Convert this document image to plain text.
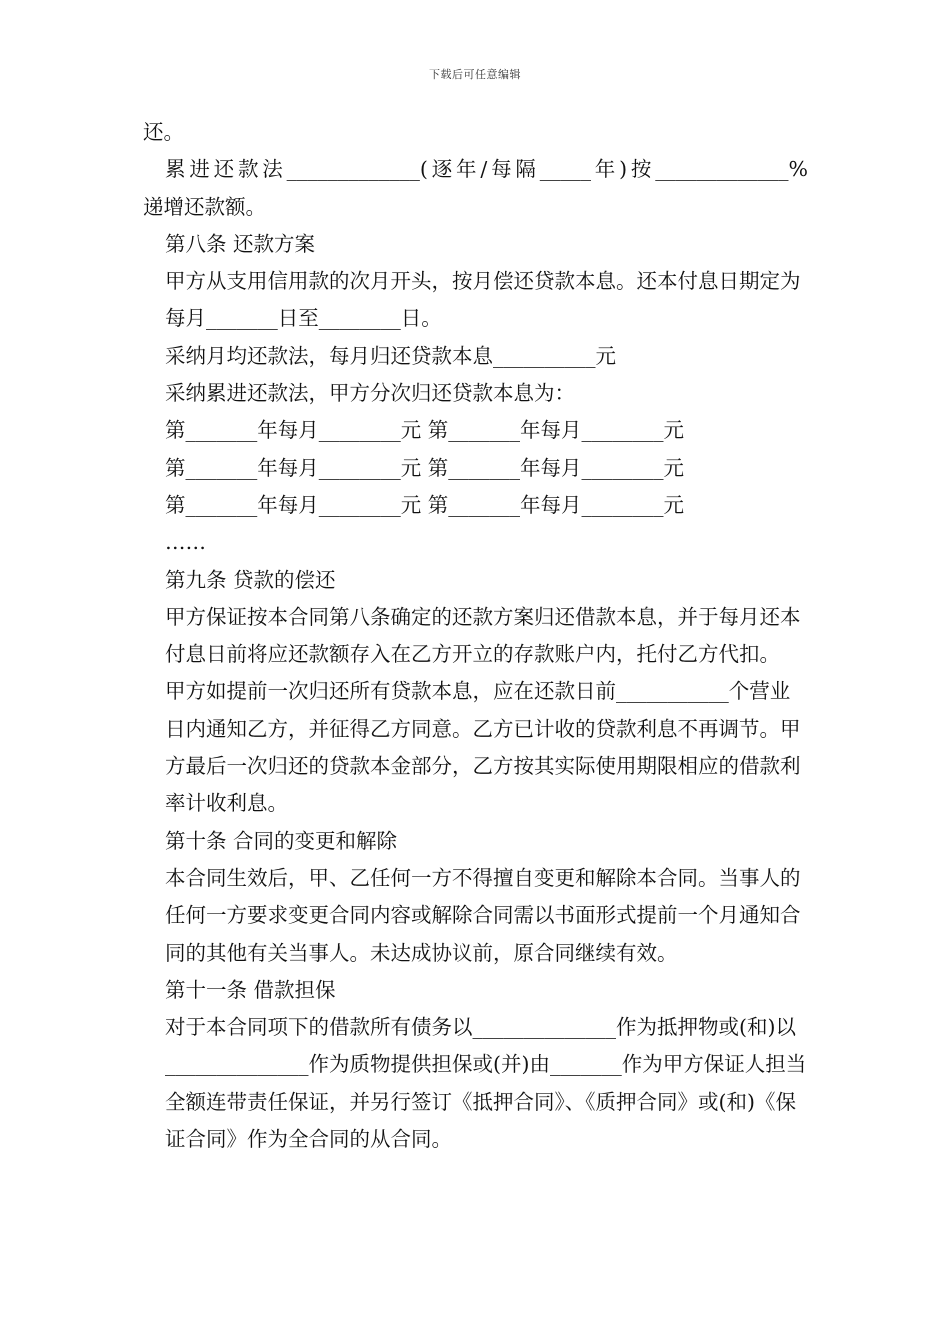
下载后可任意编辑

还。

累进还款法_____________(逐年/每隔_____年)按_____________%

递增还款额。

第八条 还款方案

甲方从支用信用款的次月开头，按月偿还贷款本息。还本付息日期定为每月_______日至________日。

采纳月均还款法，每月归还贷款本息__________元

采纳累进还款法，甲方分次归还贷款本息为：

第_______年每月________元 第_______年每月________元

第_______年每月________元 第_______年每月________元

第_______年每月________元 第_______年每月________元

……

第九条 贷款的偿还

甲方保证按本合同第八条确定的还款方案归还借款本息，并于每月还本付息日前将应还款额存入在乙方开立的存款账户内，托付乙方代扣。

甲方如提前一次归还所有贷款本息，应在还款日前___________个营业日内通知乙方，并征得乙方同意。乙方已计收的贷款利息不再调节。甲方最后一次归还的贷款本金部分，乙方按其实际使用期限相应的借款利率计收利息。

第十条 合同的变更和解除

本合同生效后，甲、乙任何一方不得擅自变更和解除本合同。当事人的任何一方要求变更合同内容或解除合同需以书面形式提前一个月通知合同的其他有关当事人。未达成协议前，原合同继续有效。

第十一条 借款担保

对于本合同项下的借款所有债务以______________作为抵押物或(和)以______________作为质物提供担保或(并)由_______作为甲方保证人担当全额连带责任保证，并另行签订《抵押合同》、《质押合同》或(和)《保证合同》作为全合同的从合同。
